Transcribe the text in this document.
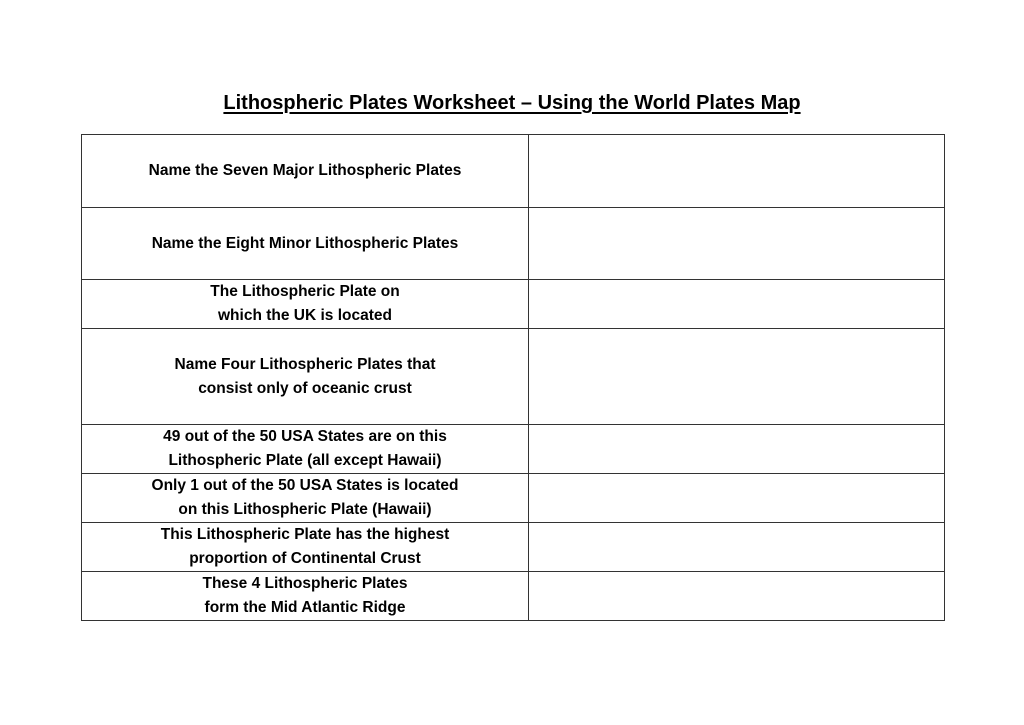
Lithospheric Plates Worksheet – Using the World Plates Map
Name the Seven Major Lithospheric Plates	

Name the Eight Minor Lithospheric Plates	

The Lithospheric Plate on
which the UK is located	

Name Four Lithospheric Plates that
consist only of oceanic crust	

49 out of the 50 USA States are on this
Lithospheric Plate (all except Hawaii)	

Only 1 out of the 50 USA States is located
on this Lithospheric Plate (Hawaii)	

This Lithospheric Plate has the highest
proportion of Continental Crust	

These 4 Lithospheric Plates
form the Mid Atlantic Ridge	
